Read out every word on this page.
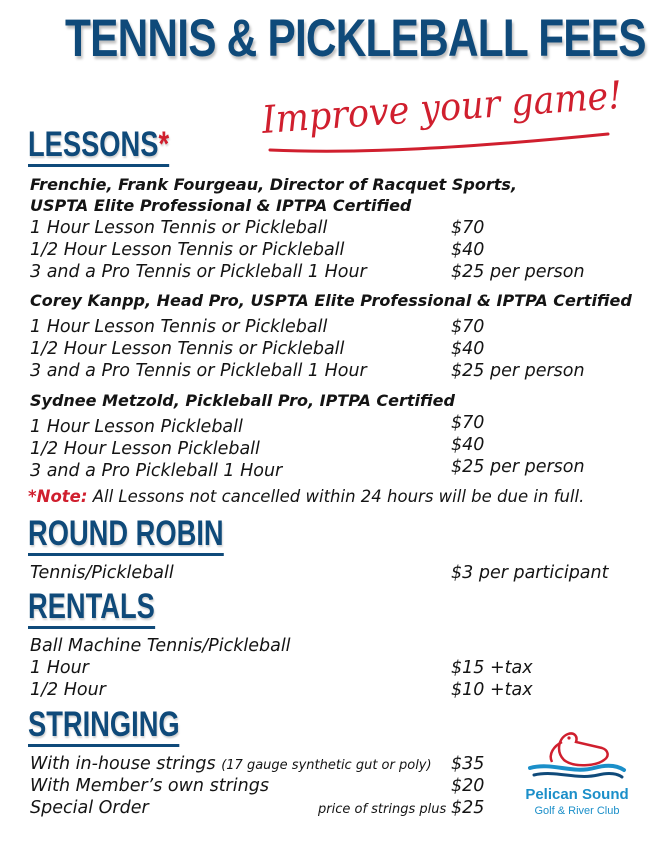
TENNIS & PICKLEBALL FEES
Improve your game!
LESSONS*
Frenchie, Frank Fourgeau, Director of Racquet Sports,
USPTA Elite Professional & IPTPA Certified
1 Hour Lesson Tennis or Pickleball	$70
1/2 Hour Lesson Tennis or Pickleball	$40
3 and a Pro Tennis or Pickleball 1 Hour	$25 per person
Corey Kanpp, Head Pro, USPTA Elite Professional & IPTPA Certified
1 Hour Lesson Tennis or Pickleball	$70
1/2 Hour Lesson Tennis or Pickleball	$40
3 and a Pro Tennis or Pickleball 1 Hour	$25 per person
Sydnee Metzold, Pickleball Pro, IPTPA Certified
1 Hour Lesson Pickleball	$70
1/2 Hour Lesson Pickleball	$40
3 and a Pro Pickleball 1 Hour	$25 per person
*Note: All Lessons not cancelled within 24 hours will be due in full.
ROUND ROBIN
Tennis/Pickleball	$3 per participant
RENTALS
Ball Machine Tennis/Pickleball
1 Hour	$15 +tax
1/2 Hour	$10 +tax
STRINGING
With in-house strings (17 gauge synthetic gut or poly) $35
With Member’s own strings	$20
Special Order	price of strings plus $25
Pelican Sound
Golf & River Club
